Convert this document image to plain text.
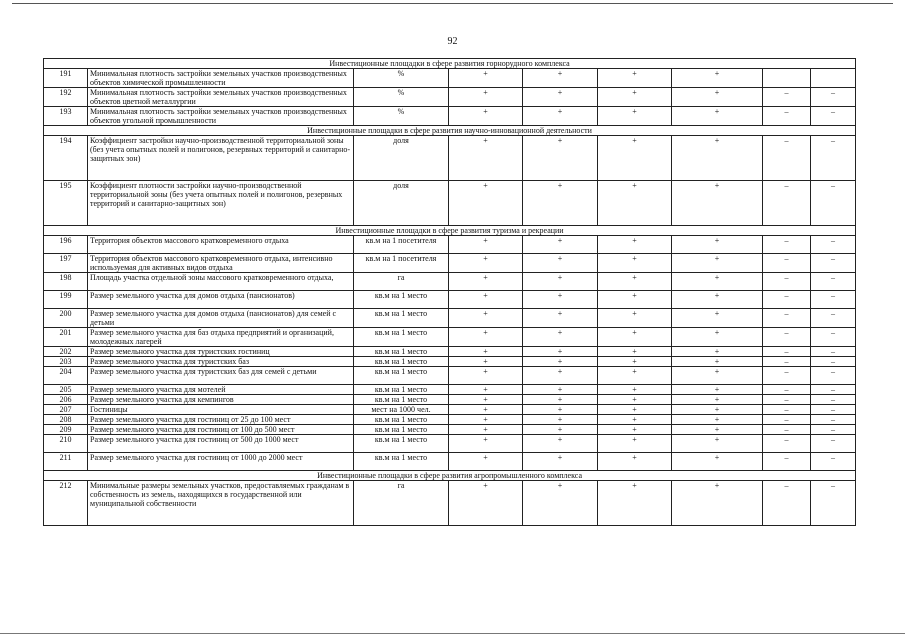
92
Инвестиционные площадки в сфере развития горнорудного комплекса								
191	Минимальная плотность застройки земельных участков производственных объектов химической промышленности	%	+	+	+	+		
192	Минимальная плотность застройки земельных участков производственных объектов цветной металлургии	%	+	+	+	+	–	–
193	Минимальная плотность застройки земельных участков производственных объектов угольной промышленности	%	+	+	+	+	–	–
Инвестиционные площадки в сфере развития научно-инновационной деятельности								
194	Коэффициент застройки научно-производственной территориальной зоны (без учета опытных полей и полигонов, резервных территорий и санитарно-защитных зон)	доля	+	+	+	+	–	–
195	Коэффициент плотности застройки научно-производственной территориальной зоны (без учета опытных полей и полигонов, резервных территорий и санитарно-защитных зон)	доля	+	+	+	+	–	–
Инвестиционные площадки в сфере развития туризма и рекреации								
196	Территория объектов массового кратковременного отдыха	кв.м на 1 посетителя	+	+	+	+	–	–
197	Территория объектов массового кратковременного отдыха, интенсивно используемая для активных видов отдыха	кв.м на 1 посетителя	+	+	+	+	–	–
198	Площадь участка отдельной зоны массового кратковременного отдыха,	га	+	+	+	+	–	–
199	Размер земельного участка для домов отдыха (пансионатов)	кв.м на 1 место	+	+	+	+	–	–
200	Размер земельного участка для домов отдыха (пансионатов) для семей с детьми	кв.м на 1 место	+	+	+	+	–	–
201	Размер земельного участка для баз отдыха предприятий и организаций, молодежных лагерей	кв.м на 1 место	+	+	+	+	–	–
202	Размер земельного участка для туристских гостиниц	кв.м на 1 место	+	+	+	+	–	–
203	Размер земельного участка для туристских баз	кв.м на 1 место	+	+	+	+	–	–
204	Размер земельного участка для туристских баз для семей с детьми	кв.м на 1 место	+	+	+	+	–	–
205	Размер земельного участка для мотелей	кв.м на 1 место	+	+	+	+	–	–
206	Размер земельного участка для кемпингов	кв.м на 1 место	+	+	+	+	–	–
207	Гостиницы	мест на 1000 чел.	+	+	+	+	–	–
208	Размер земельного участка для гостиниц от 25 до 100 мест	кв.м на 1 место	+	+	+	+	–	–
209	Размер земельного участка для гостиниц от 100 до 500 мест	кв.м на 1 место	+	+	+	+	–	–
210	Размер земельного участка для гостиниц от 500 до 1000 мест	кв.м на 1 место	+	+	+	+	–	–
211	Размер земельного участка для гостиниц от 1000 до 2000 мест	кв.м на 1 место	+	+	+	+	–	–
Инвестиционные площадки в сфере развития агропромышленного комплекса								
212	Минимальные размеры земельных участков, предоставляемых гражданам в собственность из земель, находящихся в государственной или муниципальной собственности	га	+	+	+	+	–	–
